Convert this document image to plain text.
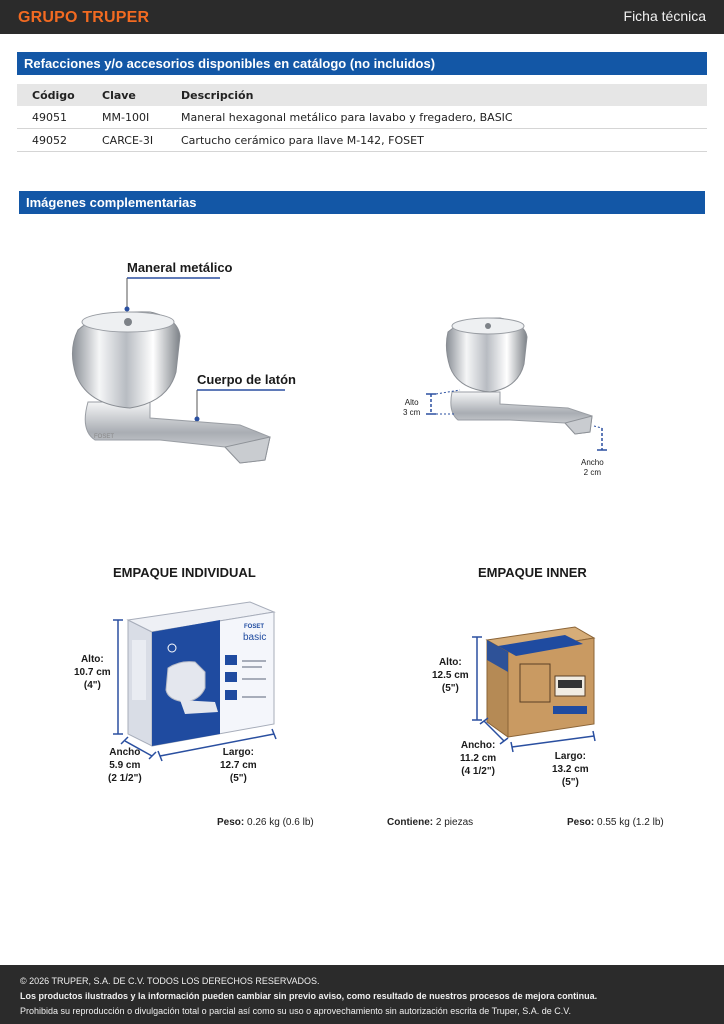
GRUPO TRUPER	Ficha técnica
Refacciones y/o accesorios disponibles en catálogo (no incluidos)
Código Clave	Descripción
49051	MM-100I	Maneral hexagonal metálico para lavabo y fregadero, BASIC
49052	CARCE-3I	Cartucho cerámico para llave M-142, FOSET
Imágenes complementarias
Maneral metálico
Cuerpo de latón
FOSET
Alto
3 cm
Ancho
2 cm
EMPAQUE INDIVIDUAL	EMPAQUE INNER
FOSET
basic
Alto:
10.7 cm
(4")
Ancho
5.9 cm
(2 1/2")
Largo:
12.7 cm
(5")
Alto:
12.5 cm
(5")
Ancho:
11.2 cm
(4 1/2")
Largo:
13.2 cm
(5")
Peso: 0.26 kg (0.6 lb)	Contiene: 2 piezas	Peso: 0.55 kg (1.2 lb)
© 2026 TRUPER, S.A. DE C.V. TODOS LOS DERECHOS RESERVADOS.
Los productos ilustrados y la información pueden cambiar sin previo aviso, como resultado de nuestros procesos de mejora continua.
Prohibida su reproducción o divulgación total o parcial así como su uso o aprovechamiento sin autorización escrita de Truper, S.A. de C.V.
